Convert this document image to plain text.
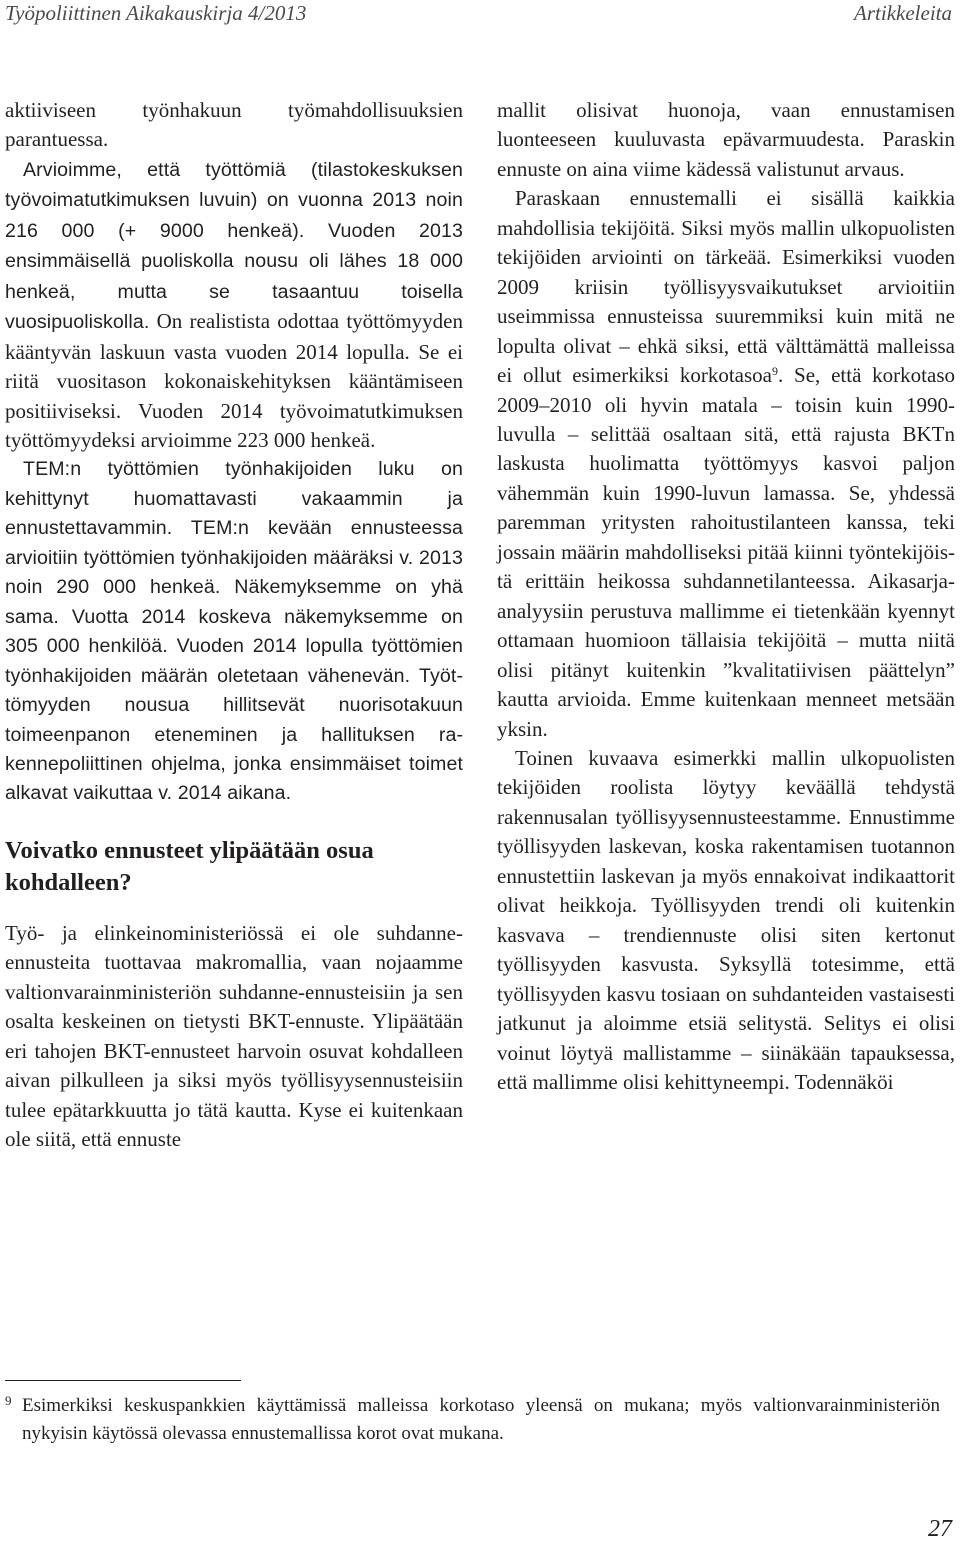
Työpoliittinen Aikakauskirja 4/2013	Artikkeleita

aktiiviseen työnhakuun työmahdollisuuksien parantuessa.

Arvioimme, että työttömiä (tilastokeskuksen työvoimatutkimuksen luvuin) on vuonna 2013 noin 216 000 (+ 9000 henkeä). Vuoden 2013 ensimmäisellä puoliskolla nousu oli lähes 18 000 henkeä, mutta se tasaantuu toisella vuosipuoliskolla. On realistista odottaa työttömyyden kääntyvän laskuun vasta vuoden 2014 lopulla. Se ei riitä vuositason kokonaiskehityksen kääntämiseen positiiviseksi. Vuoden 2014 työvoimatutkimuksen työttömyydeksi arvioimme 223 000 henkeä.

TEM:n työttömien työnhakijoiden luku on kehittynyt huomattavasti vakaammin ja ennustettavammin. TEM:n kevään ennusteessa arvioitiin työttömien työnhakijoiden määräksi v. 2013 noin 290 000 henkeä. Näkemyksemme on yhä sama. Vuotta 2014 koskeva näkemyksemme on 305 000 henkilöä. Vuoden 2014 lopulla työttömien työnhakijoiden määrän oletetaan vähenevän. Työttömyyden nousua hillitsevät nuorisotakuun toimeenpanon eteneminen ja hallituksen rakennepoliittinen ohjelma, jonka ensimmäiset toimet alkavat vaikuttaa v. 2014 aikana.

Voivatko ennusteet ylipäätään osua kohdalleen?

Työ- ja elinkeinoministeriössä ei ole suhdanne-ennusteita tuottavaa makromallia, vaan nojaamme valtionvarainministeriön suhdanne-ennusteisiin ja sen osalta keskeinen on tietysti BKT-ennuste. Ylipäätään eri tahojen BKT-ennusteet harvoin osuvat kohdalleen aivan pilkulleen ja siksi myös työllisyysennusteisiin tulee epätarkkuutta jo tätä kautta. Kyse ei kuitenkaan ole siitä, että ennuste

mallit olisivat huonoja, vaan ennustamisen luonteeseen kuuluvasta epävarmuudesta. Paraskin ennuste on aina viime kädessä valistunut arvaus.

Paraskaan ennustemalli ei sisällä kaikkia mahdollisia tekijöitä. Siksi myös mallin ulkopuolisten tekijöiden arviointi on tärkeää. Esimerkiksi vuoden 2009 kriisin työllisyysvaikutukset arvioitiin useimmissa ennusteissa suuremmiksi kuin mitä ne lopulta olivat – ehkä siksi, että välttämättä malleissa ei ollut esimerkiksi korkotasoa$^9$. Se, että korkotaso 2009–2010 oli hyvin matala – toisin kuin 1990-luvulla – selittää osaltaan sitä, että rajusta BKTn laskusta huolimatta työttömyys kasvoi paljon vähemmän kuin 1990-luvun lamassa. Se, yhdessä paremman yritysten rahoitustilanteen kanssa, teki jossain määrin mahdolliseksi pitää kiinni työntekijöistä erittäin heikossa suhdannetilanteessa. Aikasarja-analyysiin perustuva mallimme ei tietenkään kyennyt ottamaan huomioon tällaisia tekijöitä – mutta niitä olisi pitänyt kuitenkin ”kvalitatiivisen päättelyn” kautta arvioida. Emme kuitenkaan menneet metsään yksin.

Toinen kuvaava esimerkki mallin ulkopuolisten tekijöiden roolista löytyy keväällä tehdystä rakennusalan työllisyysennusteestamme. Ennustimme työllisyyden laskevan, koska rakentamisen tuotannon ennustettiin laskevan ja myös ennakoivat indikaattorit olivat heikkoja. Työllisyyden trendi oli kuitenkin kasvava – trendiennuste olisi siten kertonut työllisyyden kasvusta. Syksyllä totesimme, että työllisyyden kasvu tosiaan on suhdanteiden vastaisesti jatkunut ja aloimme etsiä selitystä. Selitys ei olisi voinut löytyä mallistamme – siinäkään tapauksessa, että mallimme olisi kehittyneempi. Todennäköi

9 Esimerkiksi keskuspankkien käyttämissä malleissa korkotaso yleensä on mukana; myös valtionvarainministeriön nykyisin käytössä olevassa ennustemallissa korot ovat mukana.
27
